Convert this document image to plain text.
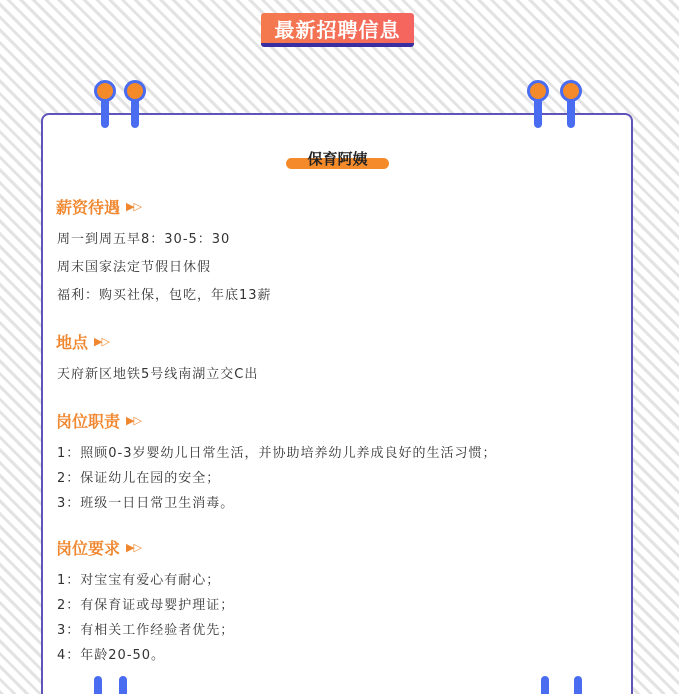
最新招聘信息
保育阿姨
薪资待遇 ▶▷
周一到周五早8：30-5：30
周末国家法定节假日休假
福利：购买社保，包吃，年底13薪
地点 ▶▷
天府新区地铁5号线南湖立交C出
岗位职责 ▶▷
1：照顾0-3岁婴幼儿日常生活，并协助培养幼儿养成良好的生活习惯；
2：保证幼儿在园的安全；
3：班级一日日常卫生消毒。
岗位要求 ▶▷
1：对宝宝有爱心有耐心；
2：有保育证或母婴护理证；
3：有相关工作经验者优先；
4：年龄20-50。
